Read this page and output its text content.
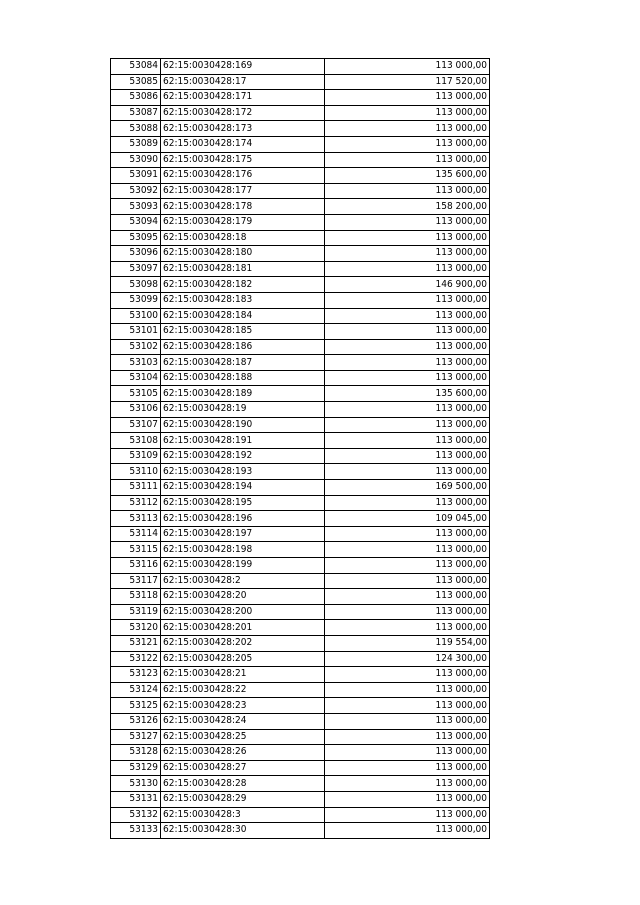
53084	62:15:0030428:169	113 000,00
53085	62:15:0030428:17	117 520,00
53086	62:15:0030428:171	113 000,00
53087	62:15:0030428:172	113 000,00
53088	62:15:0030428:173	113 000,00
53089	62:15:0030428:174	113 000,00
53090	62:15:0030428:175	113 000,00
53091	62:15:0030428:176	135 600,00
53092	62:15:0030428:177	113 000,00
53093	62:15:0030428:178	158 200,00
53094	62:15:0030428:179	113 000,00
53095	62:15:0030428:18	113 000,00
53096	62:15:0030428:180	113 000,00
53097	62:15:0030428:181	113 000,00
53098	62:15:0030428:182	146 900,00
53099	62:15:0030428:183	113 000,00
53100	62:15:0030428:184	113 000,00
53101	62:15:0030428:185	113 000,00
53102	62:15:0030428:186	113 000,00
53103	62:15:0030428:187	113 000,00
53104	62:15:0030428:188	113 000,00
53105	62:15:0030428:189	135 600,00
53106	62:15:0030428:19	113 000,00
53107	62:15:0030428:190	113 000,00
53108	62:15:0030428:191	113 000,00
53109	62:15:0030428:192	113 000,00
53110	62:15:0030428:193	113 000,00
53111	62:15:0030428:194	169 500,00
53112	62:15:0030428:195	113 000,00
53113	62:15:0030428:196	109 045,00
53114	62:15:0030428:197	113 000,00
53115	62:15:0030428:198	113 000,00
53116	62:15:0030428:199	113 000,00
53117	62:15:0030428:2	113 000,00
53118	62:15:0030428:20	113 000,00
53119	62:15:0030428:200	113 000,00
53120	62:15:0030428:201	113 000,00
53121	62:15:0030428:202	119 554,00
53122	62:15:0030428:205	124 300,00
53123	62:15:0030428:21	113 000,00
53124	62:15:0030428:22	113 000,00
53125	62:15:0030428:23	113 000,00
53126	62:15:0030428:24	113 000,00
53127	62:15:0030428:25	113 000,00
53128	62:15:0030428:26	113 000,00
53129	62:15:0030428:27	113 000,00
53130	62:15:0030428:28	113 000,00
53131	62:15:0030428:29	113 000,00
53132	62:15:0030428:3	113 000,00
53133	62:15:0030428:30	113 000,00
